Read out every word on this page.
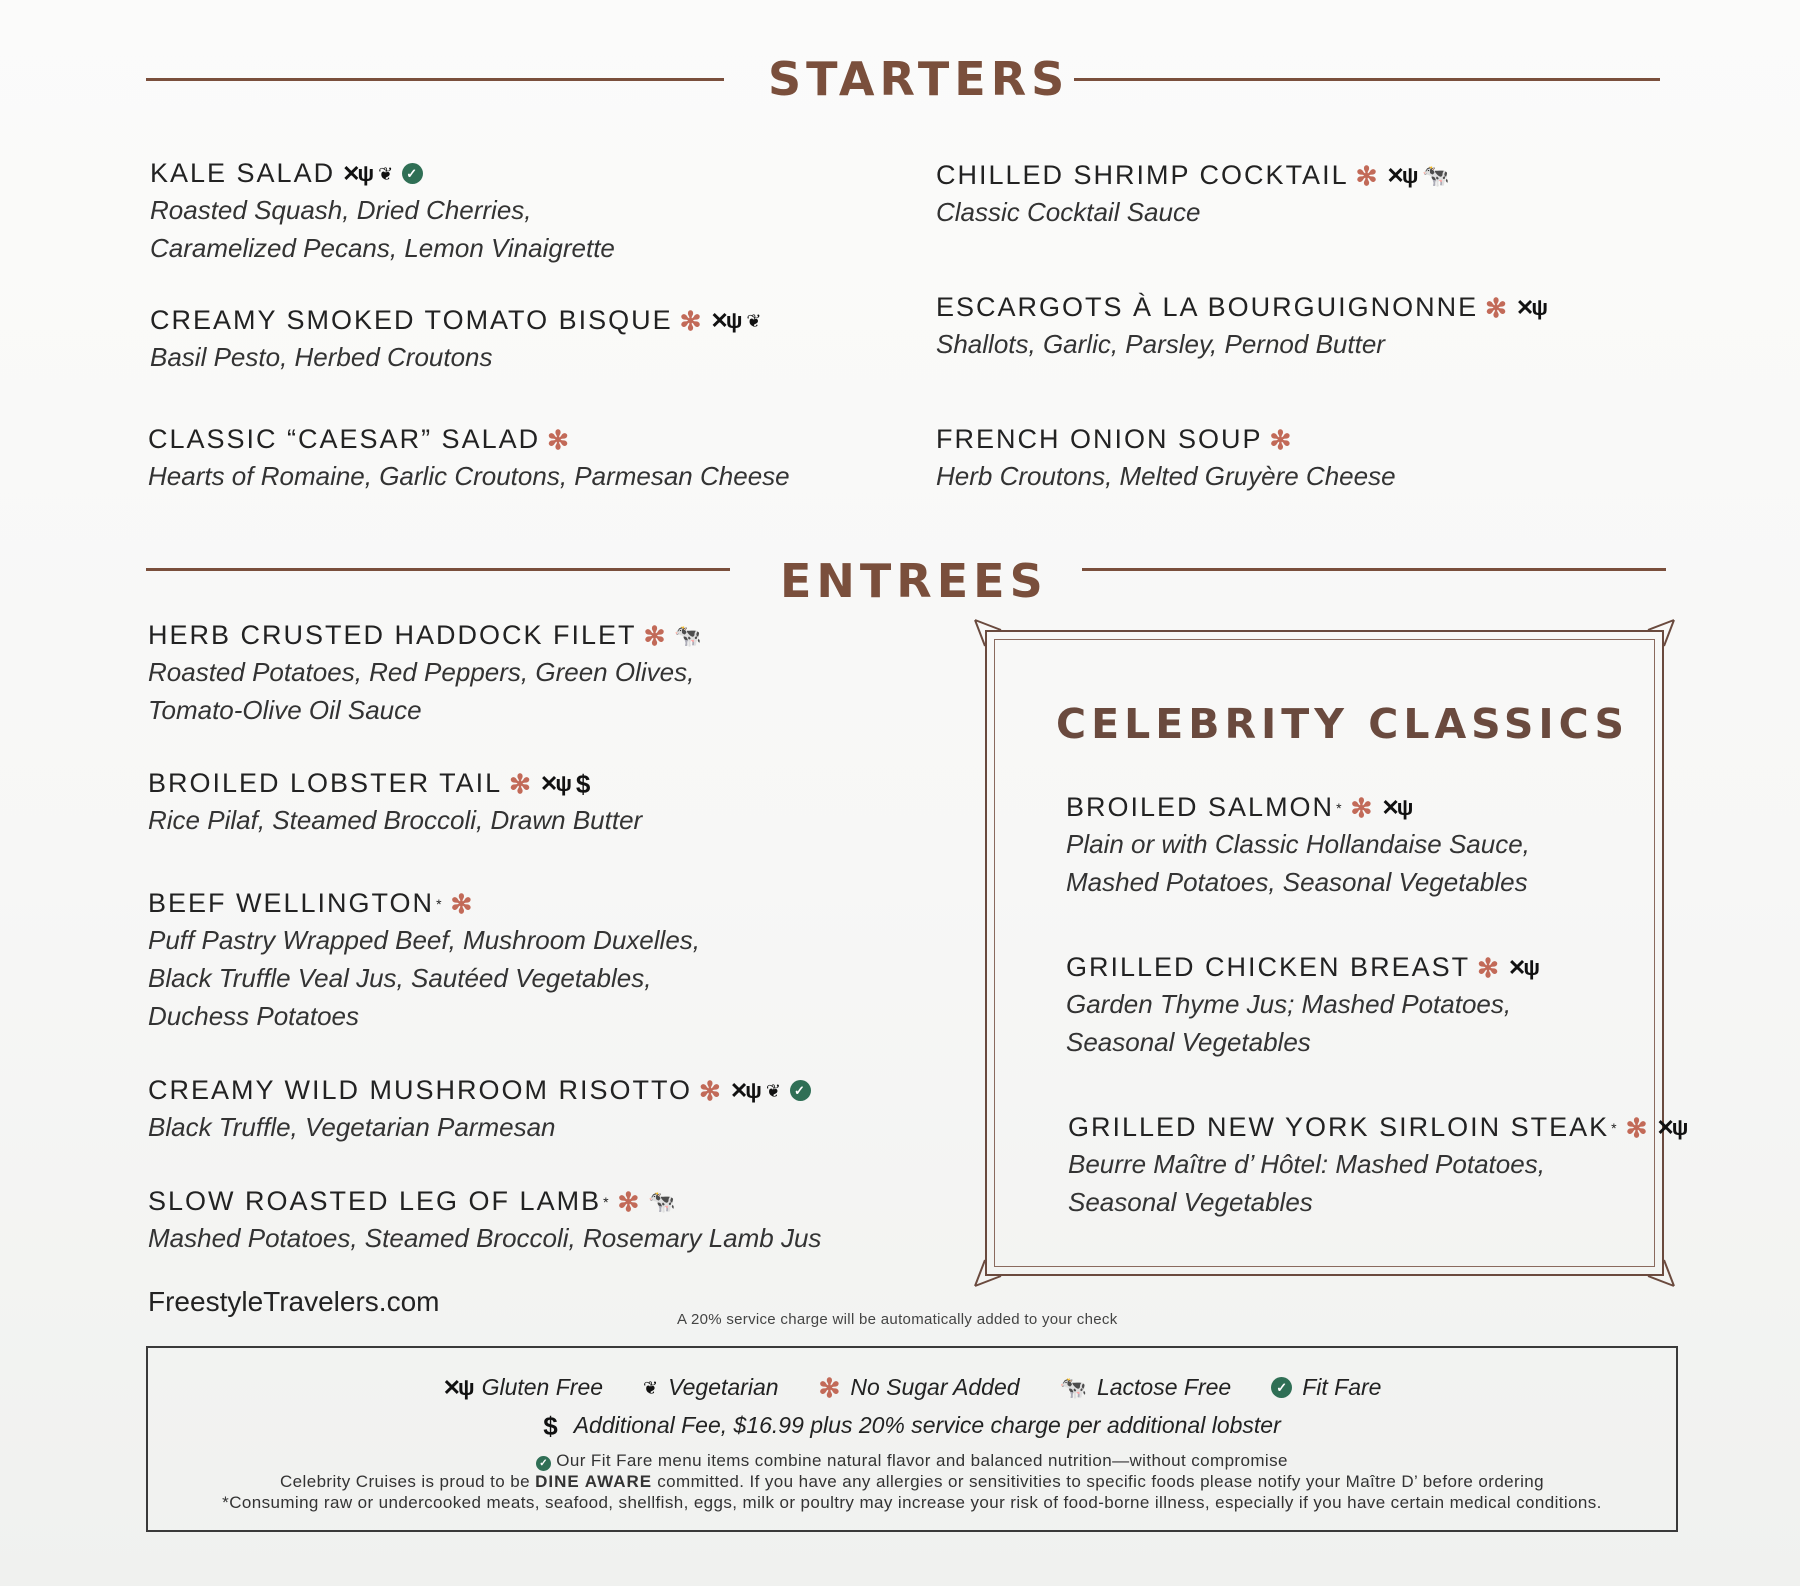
STARTERS
KALE SALAD ✕ψ ❦ ✓
Roasted Squash, Dried Cherries,
Caramelized Pecans, Lemon Vinaigrette
CREAMY SMOKED TOMATO BISQUE ✻ ✕ψ ❦
Basil Pesto, Herbed Croutons
CLASSIC “CAESAR” SALAD ✻
Hearts of Romaine, Garlic Croutons, Parmesan Cheese
CHILLED SHRIMP COCKTAIL ✻ ✕ψ 🐄
Classic Cocktail Sauce
ESCARGOTS À LA BOURGUIGNONNE ✻ ✕ψ
Shallots, Garlic, Parsley, Pernod Butter
FRENCH ONION SOUP ✻
Herb Croutons, Melted Gruyère Cheese
ENTREES
HERB CRUSTED HADDOCK FILET ✻ 🐄
Roasted Potatoes, Red Peppers, Green Olives,
Tomato-Olive Oil Sauce
BROILED LOBSTER TAIL ✻ ✕ψ $
Rice Pilaf, Steamed Broccoli, Drawn Butter
BEEF WELLINGTON * ✻
Puff Pastry Wrapped Beef, Mushroom Duxelles,
Black Truffle Veal Jus, Sautéed Vegetables,
Duchess Potatoes
CREAMY WILD MUSHROOM RISOTTO ✻ ✕ψ ❦ ✓
Black Truffle, Vegetarian Parmesan
SLOW ROASTED LEG OF LAMB * ✻ 🐄
Mashed Potatoes, Steamed Broccoli, Rosemary Lamb Jus
CELEBRITY CLASSICS
BROILED SALMON * ✻ ✕ψ
Plain or with Classic Hollandaise Sauce,
Mashed Potatoes, Seasonal Vegetables
GRILLED CHICKEN BREAST ✻ ✕ψ
Garden Thyme Jus; Mashed Potatoes,
Seasonal Vegetables
GRILLED NEW YORK SIRLOIN STEAK * ✻ ✕ψ
Beurre Maître d’ Hôtel: Mashed Potatoes,
Seasonal Vegetables
FreestyleTravelers.com
A 20% service charge will be automatically added to your check
✕ψ Gluten Free ❦ Vegetarian ✻ No Sugar Added 🐄 Lactose Free	✓ Fit Fare
$ Additional Fee, $16.99 plus 20% service charge per additional lobster
✓ Our Fit Fare menu items combine natural flavor and balanced nutrition—without compromise
Celebrity Cruises is proud to be DINE AWARE committed. If you have any allergies or sensitivities to specific foods please notify your Maître D’ before ordering
*Consuming raw or undercooked meats, seafood, shellfish, eggs, milk or poultry may increase your risk of food-borne illness, especially if you have certain medical conditions.
